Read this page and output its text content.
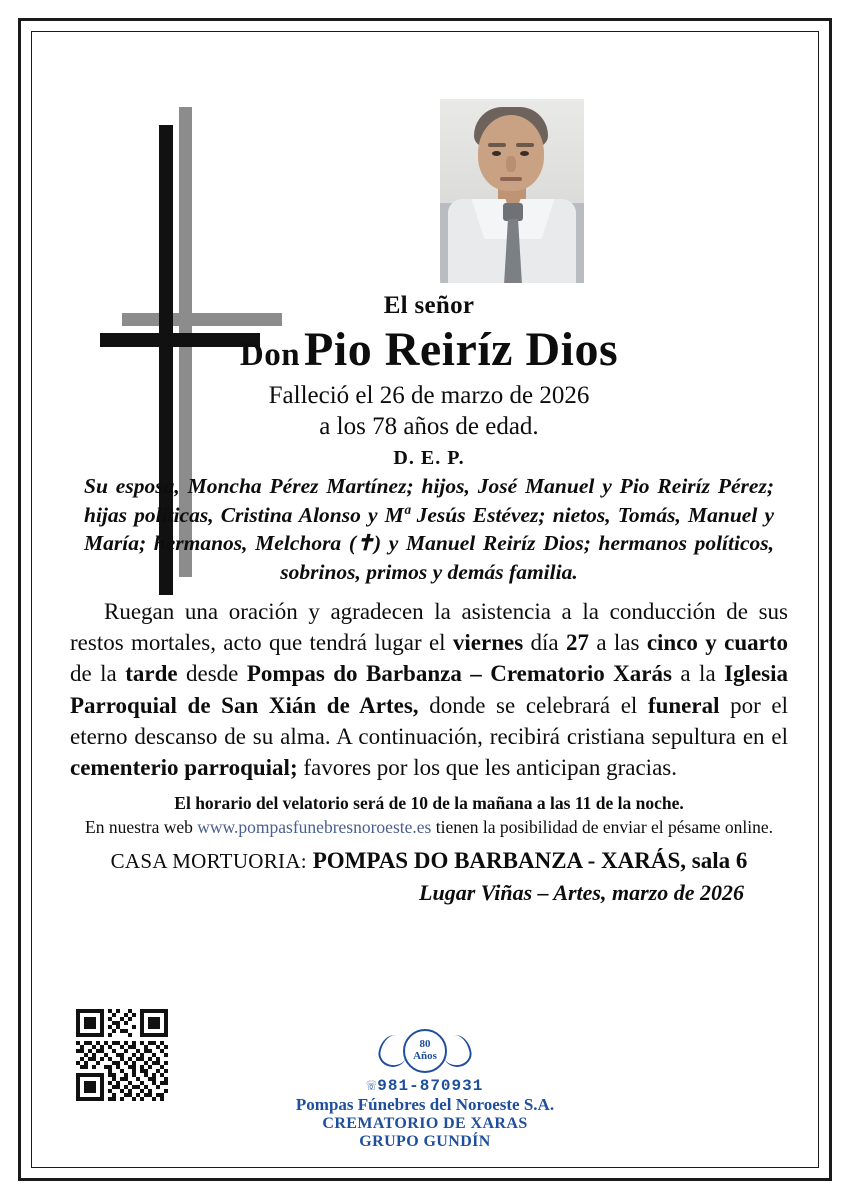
El señor
Don Pio Reiríz Dios
Falleció el 26 de marzo de 2026
a los 78 años de edad.
D. E. P.
Su esposa, Moncha Pérez Martínez; hijos, José Manuel y Pio Reiríz Pérez; hijas políticas, Cristina Alonso y Mª Jesús Estévez; nietos, Tomás, Manuel y María; hermanos, Melchora (✝) y Manuel Reiríz Dios; hermanos políticos, sobrinos, primos y demás familia.

Ruegan una oración y agradecen la asistencia a la conducción de sus restos mortales, acto que tendrá lugar el viernes día 27 a las cinco y cuarto de la tarde desde Pompas do Barbanza – Crematorio Xarás a la Iglesia Parroquial de San Xián de Artes, donde se celebrará el funeral por el eterno descanso de su alma. A continuación, recibirá cristiana sepultura en el cementerio parroquial; favores por los que les anticipan gracias.

El horario del velatorio será de 10 de la mañana a las 11 de la noche.
En nuestra web www.pompasfunebresnoroeste.es tienen la posibilidad de enviar el pésame online.
CASA MORTUORIA: POMPAS DO BARBANZA - XARÁS, sala 6
Lugar Viñas – Artes, marzo de 2026
80
Años
☏981-870931
Pompas Fúnebres del Noroeste S.A.
CREMATORIO DE XARAS
GRUPO GUNDÍN
